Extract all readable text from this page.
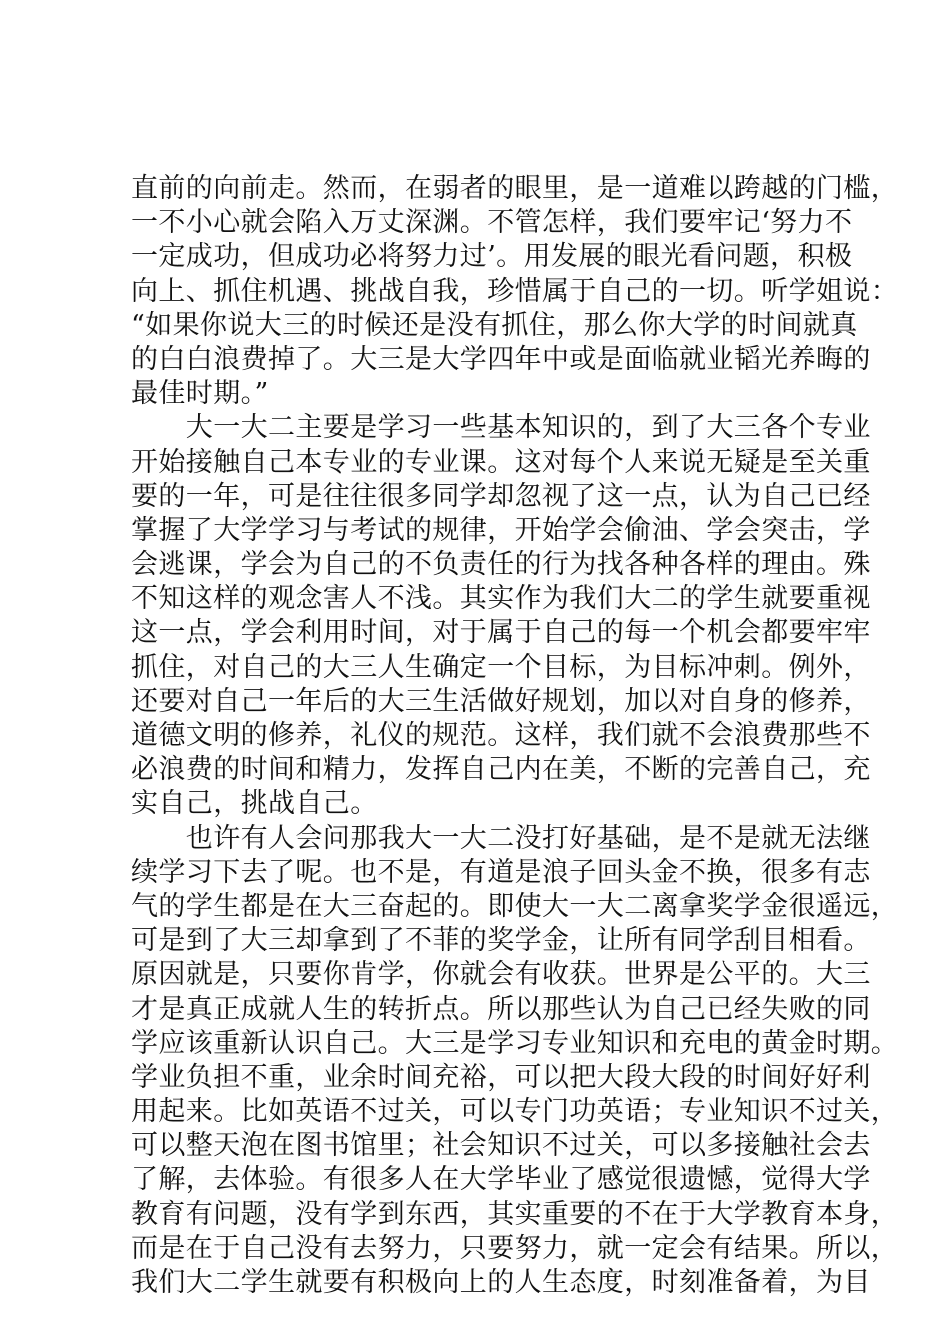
直前的向前走。然而，在弱者的眼里，是一道难以跨越的门槛，
一不小心就会陷入万丈深渊。不管怎样，我们要牢记‘努力不
一定成功，但成功必将努力过’。用发展的眼光看问题，积极
向上、抓住机遇、挑战自我，珍惜属于自己的一切。听学姐说：
“如果你说大三的时候还是没有抓住，那么你大学的时间就真
的白白浪费掉了。大三是大学四年中或是面临就业韬光养晦的
最佳时期。”
　　大一大二主要是学习一些基本知识的，到了大三各个专业
开始接触自己本专业的专业课。这对每个人来说无疑是至关重
要的一年，可是往往很多同学却忽视了这一点，认为自己已经
掌握了大学学习与考试的规律，开始学会偷油、学会突击，学
会逃课，学会为自己的不负责任的行为找各种各样的理由。殊
不知这样的观念害人不浅。其实作为我们大二的学生就要重视
这一点，学会利用时间，对于属于自己的每一个机会都要牢牢
抓住，对自己的大三人生确定一个目标，为目标冲刺。例外，
还要对自己一年后的大三生活做好规划，加以对自身的修养，
道德文明的修养，礼仪的规范。这样，我们就不会浪费那些不
必浪费的时间和精力，发挥自己内在美，不断的完善自己，充
实自己，挑战自己。
　　也许有人会问那我大一大二没打好基础，是不是就无法继
续学习下去了呢。也不是，有道是浪子回头金不换，很多有志
气的学生都是在大三奋起的。即使大一大二离拿奖学金很遥远，
可是到了大三却拿到了不菲的奖学金，让所有同学刮目相看。
原因就是，只要你肯学，你就会有收获。世界是公平的。大三
才是真正成就人生的转折点。所以那些认为自己已经失败的同
学应该重新认识自己。大三是学习专业知识和充电的黄金时期。
学业负担不重，业余时间充裕，可以把大段大段的时间好好利
用起来。比如英语不过关，可以专门功英语；专业知识不过关，
可以整天泡在图书馆里；社会知识不过关，可以多接触社会去
了解，去体验。有很多人在大学毕业了感觉很遗憾，觉得大学
教育有问题，没有学到东西，其实重要的不在于大学教育本身，
而是在于自己没有去努力，只要努力，就一定会有结果。所以，
我们大二学生就要有积极向上的人生态度，时刻准备着，为目
